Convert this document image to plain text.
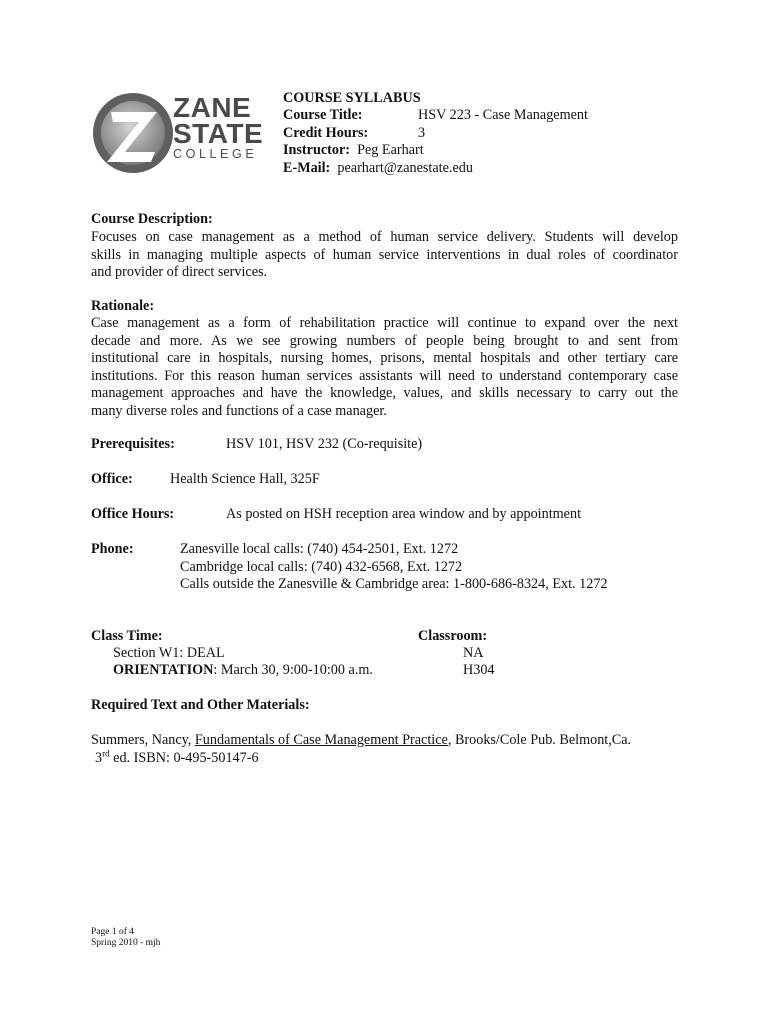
ZANE
STATE
COLLEGE
COURSE SYLLABUS
Course Title:	HSV 223 - Case Management
Credit Hours:	3
Instructor: Peg Earhart
E-Mail: pearhart@zanestate.edu
Course Description:
Focuses on case management as a method of human service delivery. Students will develop
skills in managing multiple aspects of human service interventions in dual roles of coordinator
and provider of direct services.
Rationale:
Case management as a form of rehabilitation practice will continue to expand over the next
decade and more. As we see growing numbers of people being brought to and sent from
institutional care in hospitals, nursing homes, prisons, mental hospitals and other tertiary care
institutions. For this reason human services assistants will need to understand contemporary case
management approaches and have the knowledge, values, and skills necessary to carry out the
many diverse roles and functions of a case manager.
Prerequisites:	HSV 101, HSV 232 (Co-requisite)
Office:	Health Science Hall, 325F
Office Hours:	As posted on HSH reception area window and by appointment
Phone:	Zanesville local calls: (740) 454-2501, Ext. 1272
Cambridge local calls: (740) 432-6568, Ext. 1272
Calls outside the Zanesville & Cambridge area: 1-800-686-8324, Ext. 1272
Class Time:	Classroom:
Section W1: DEAL	NA
ORIENTATION: March 30, 9:00-10:00 a.m.	H304
Required Text and Other Materials:
Summers, Nancy, Fundamentals of Case Management Practice, Brooks/Cole Pub. Belmont,Ca.
3rd ed. ISBN: 0-495-50147-6
Page 1 of 4
Spring 2010 - mjh
